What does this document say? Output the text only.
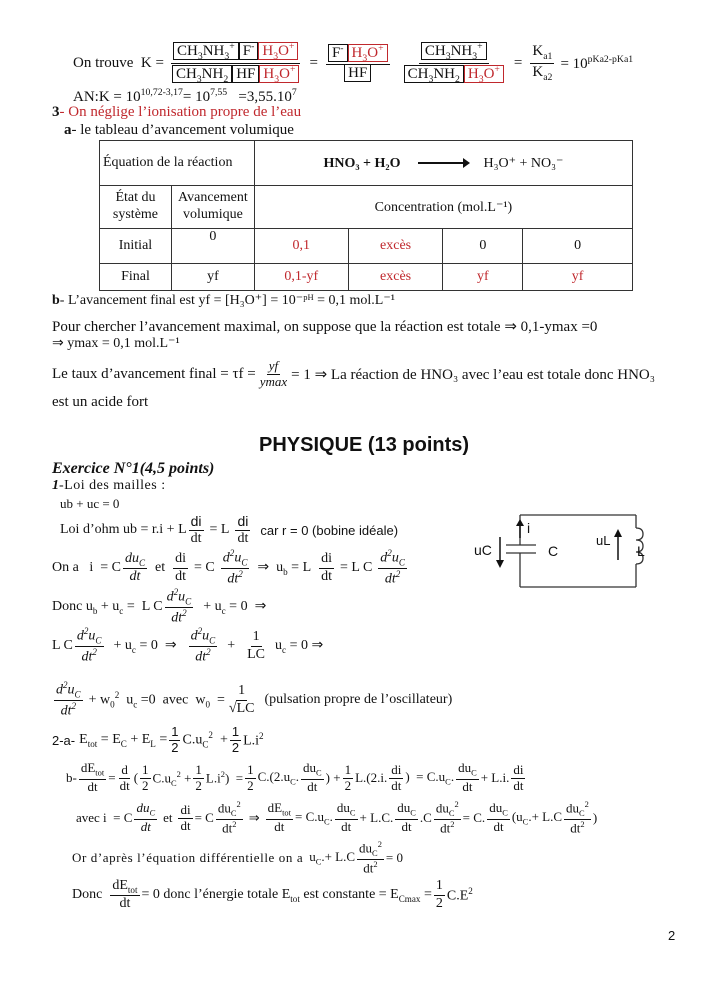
On trouve  $K = \frac{CH_3NH_3^+ F^- H_3O^+}{CH_3NH_2 HF H_3O^+} = \frac{F^- H_3O^+}{HF} \frac{CH_3NH_3^+}{CH_3NH_2 H_3O^+} = \frac{K_{a1}}{K_{a2}} = 10^{pKa2-pKa1}$
AN:K = $10^{10,72-3,17}= 10^{7,55} =3,55.10^7$
3- On néglige l’ionisation propre de l’eau
a- le tableau d’avancement volumique
Équation de la réaction		HNO₃ + H₂O H₃O⁺ + NO₃⁻			
État du système	Avancement volumique	Concentration (mol.L⁻¹)			
Initial	0	0,1	excès	0	0
Final	yf	0,1-yf	excès	yf	yf
b- L’avancement final est yf = [H₃O⁺] = 10⁻ᵖᴴ = 0,1 mol.L⁻¹
Pour chercher l’avancement maximal, on suppose que la réaction est totale ⇒ 0,1-ymax =0
⇒ ymax = 0,1 mol.L⁻¹
Le taux d’avancement final = $\tau f = \frac{yf}{ymax} = 1$ ⇒ La réaction de HNO₃ avec l’eau est totale donc HNO₃
est un acide fort
PHYSIQUE (13 points)
Exercice N°1(4,5 points)
1-Loi des mailles :
ub + uc = 0
Loi d’ohm ub = r.i + L $\frac{di}{dt} = L \frac{di}{dt}$ car r = 0 (bobine idéale)
uC
i
C
uL
L
On a   i  = C $\frac{du_C}{dt}$ et $\frac{di}{dt} = C \frac{d^2u_C}{dt^2}$ ⇒  $u_b = L \frac{di}{dt} = L$ C $\frac{d^2u_C}{dt^2}$
Donc $u_b + u_c = L$ C $\frac{d^2u_C}{dt^2} + u_c = 0$  ⇒
L C $\frac{d^2u_C}{dt^2} + u_c = 0$  ⇒ $\frac{d^2u_C}{dt^2} + \frac{1}{LC} u_c = 0$ ⇒
$\frac{d^2u_C}{dt^2} + w_0^2$  $u_c =0$  avec  $w_0 = \frac{1}{√LC}$ (pulsation propre de l’oscillateur)
2-a- $E_{tot} = E_C + E_L = \frac{1}{2} C.u_C^2 + \frac{1}{2} L.i^2$
$b- \frac{dE_{tot}}{dt} = \frac{d}{dt}$ ( $\frac{1}{2} C.u_C^2 + \frac{1}{2} L.i^2) = \frac{1}{2} C.(2.u_C$. $\frac{du_C}{dt}$ ) + $\frac{1}{2} L.(2.i$. $\frac{di}{dt}$ )  = $C.u_C$. $\frac{du_C}{dt} + L.i$. $\frac{di}{dt}$
avec i  = C $\frac{du_C}{dt}$ et $\frac{di}{dt} = C \frac{du_C^2}{dt^2}$ ⇒ $\frac{dE_{tot}}{dt} = C.u_C$. $\frac{du_C}{dt} + L.C$. $\frac{du_C}{dt} .C \frac{du_C^2}{dt^2} = C$. $\frac{du_C}{dt} (u_C.+ L.C \frac{du_C^2}{dt^2}$ )
Or d’après l’équation différentielle on a $u_C.+ L.C \frac{du_C^2}{dt^2} = 0$
Donc $\frac{dE_{tot}}{dt} = 0$ donc l’énergie totale $E_{tot}$ est constante = $E_{Cmax} = \frac{1}{2} C.E^2$
2
